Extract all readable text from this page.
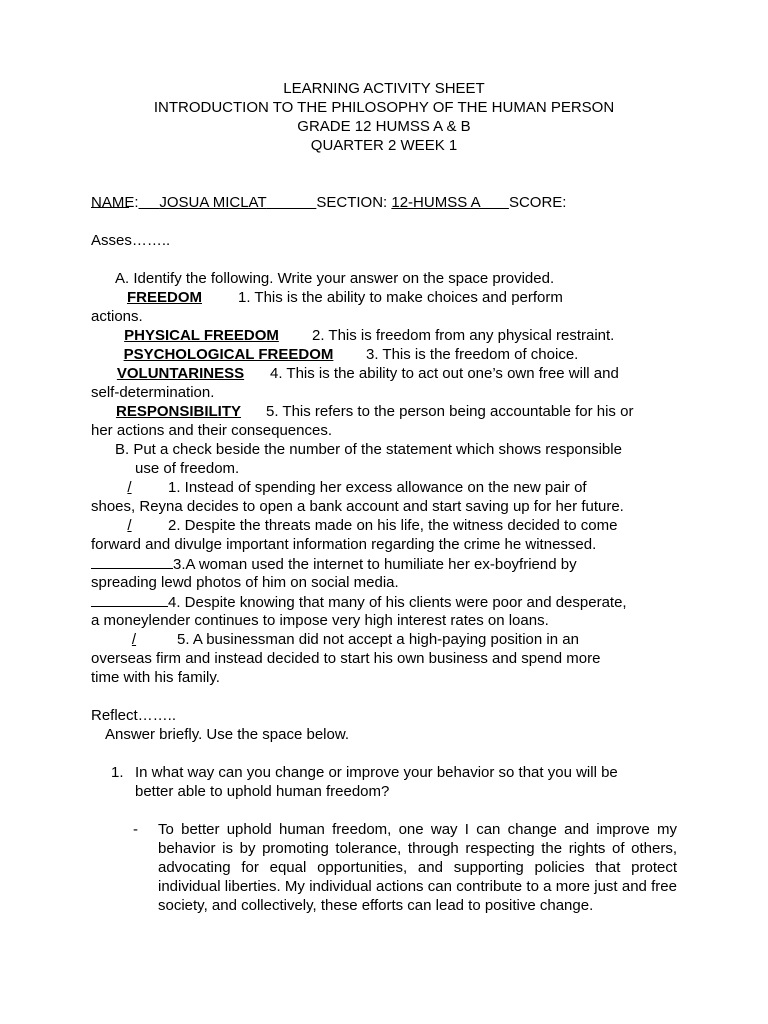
LEARNING ACTIVITY SHEET
INTRODUCTION TO THE PHILOSOPHY OF THE HUMAN PERSON
GRADE 12 HUMSS A & B
QUARTER 2 WEEK 1

NAME: JOSUA MICLAT	SECTION: 12-HUMSS A SCORE:

Asses……..
A. Identify the following. Write your answer on the space provided.
FREEDOM 1. This is the ability to make choices and perform
actions.
PHYSICAL FREEDOM 2. This is freedom from any physical restraint.
PSYCHOLOGICAL FREEDOM 3. This is the freedom of choice.
VOLUNTARINESS 4. This is the ability to act out one’s own free will and
self-determination.
RESPONSIBILITY 5. This refers to the person being accountable for his or
her actions and their consequences.
B. Put a check beside the number of the statement which shows responsible
use of freedom.
/ 1. Instead of spending her excess allowance on the new pair of
shoes, Reyna decides to open a bank account and start saving up for her future.
/ 2. Despite the threats made on his life, the witness decided to come
forward and divulge important information regarding the crime he witnessed.
3.A woman used the internet to humiliate her ex-boyfriend by
spreading lewd photos of him on social media.
4. Despite knowing that many of his clients were poor and desperate,
a moneylender continues to impose very high interest rates on loans.
/	5. A businessman did not accept a high-paying position in an
overseas firm and instead decided to start his own business and spend more
time with his family.
Reflect……..
Answer briefly. Use the space below.
1. In what way can you change or improve your behavior so that you will be
better able to uphold human freedom?
- To better uphold human freedom, one way I can change and improve my behavior is by promoting tolerance, through respecting the rights of others, advocating for equal opportunities, and supporting policies that protect individual liberties. My individual actions can contribute to a more just and free society, and collectively, these efforts can lead to positive change.
